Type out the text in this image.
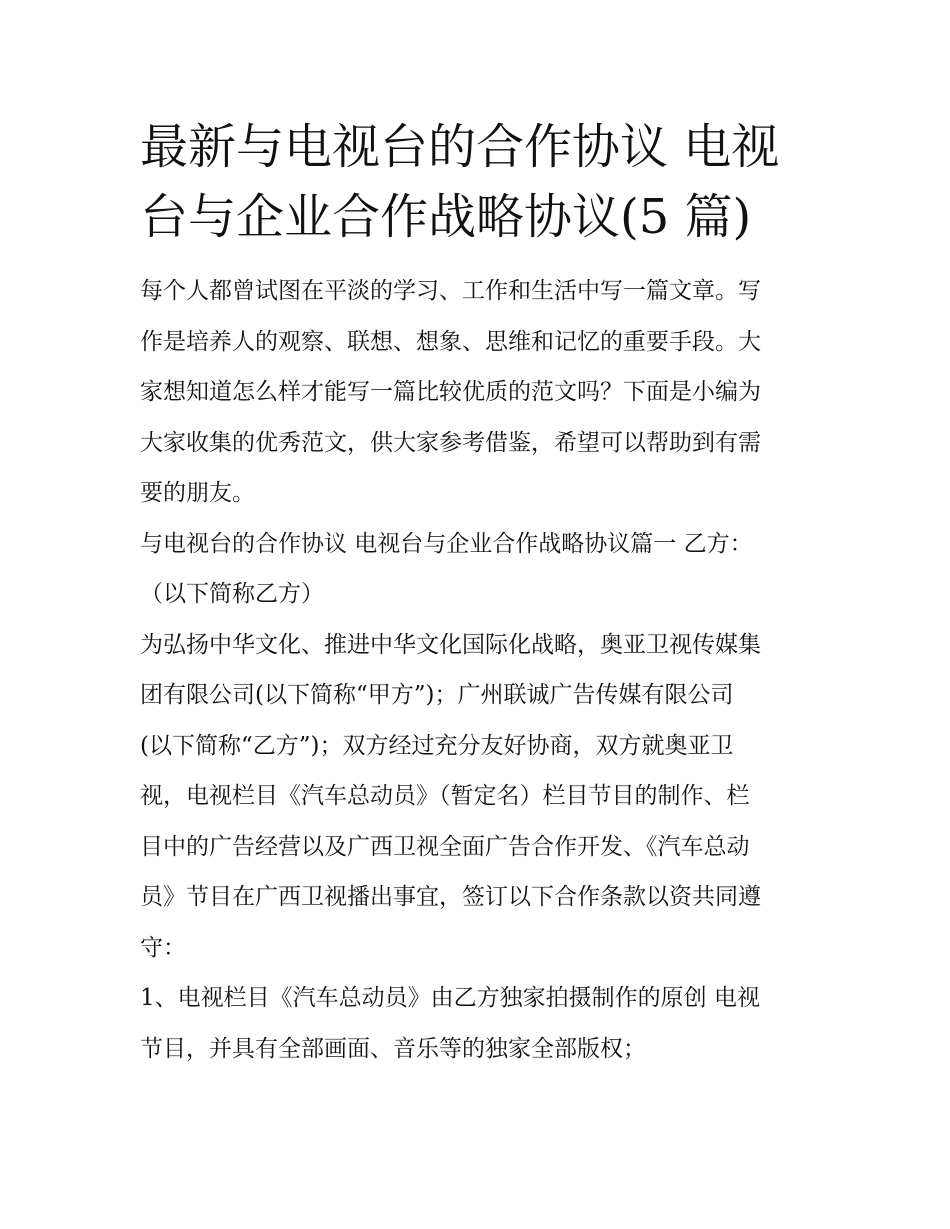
最新与电视台的合作协议 电视
台与企业合作战略协议(5 篇)

每个人都曾试图在平淡的学习、工作和生活中写一篇文章。写
作是培养人的观察、联想、想象、思维和记忆的重要手段。大
家想知道怎么样才能写一篇比较优质的范文吗？下面是小编为
大家收集的优秀范文，供大家参考借鉴，希望可以帮助到有需
要的朋友。

与电视台的合作协议 电视台与企业合作战略协议篇一 乙方：
（以下简称乙方）

为弘扬中华文化、推进中华文化国际化战略，奥亚卫视传媒集
团有限公司(以下简称“甲方”)；广州联诚广告传媒有限公司
(以下简称“乙方”)；双方经过充分友好协商，双方就奥亚卫
视，电视栏目《汽车总动员》（暂定名）栏目节目的制作、栏
目中的广告经营以及广西卫视全面广告合作开发、《汽车总动
员》节目在广西卫视播出事宜，签订以下合作条款以资共同遵
守：

1、电视栏目《汽车总动员》由乙方独家拍摄制作的原创 电视
节目，并具有全部画面、音乐等的独家全部版权；
